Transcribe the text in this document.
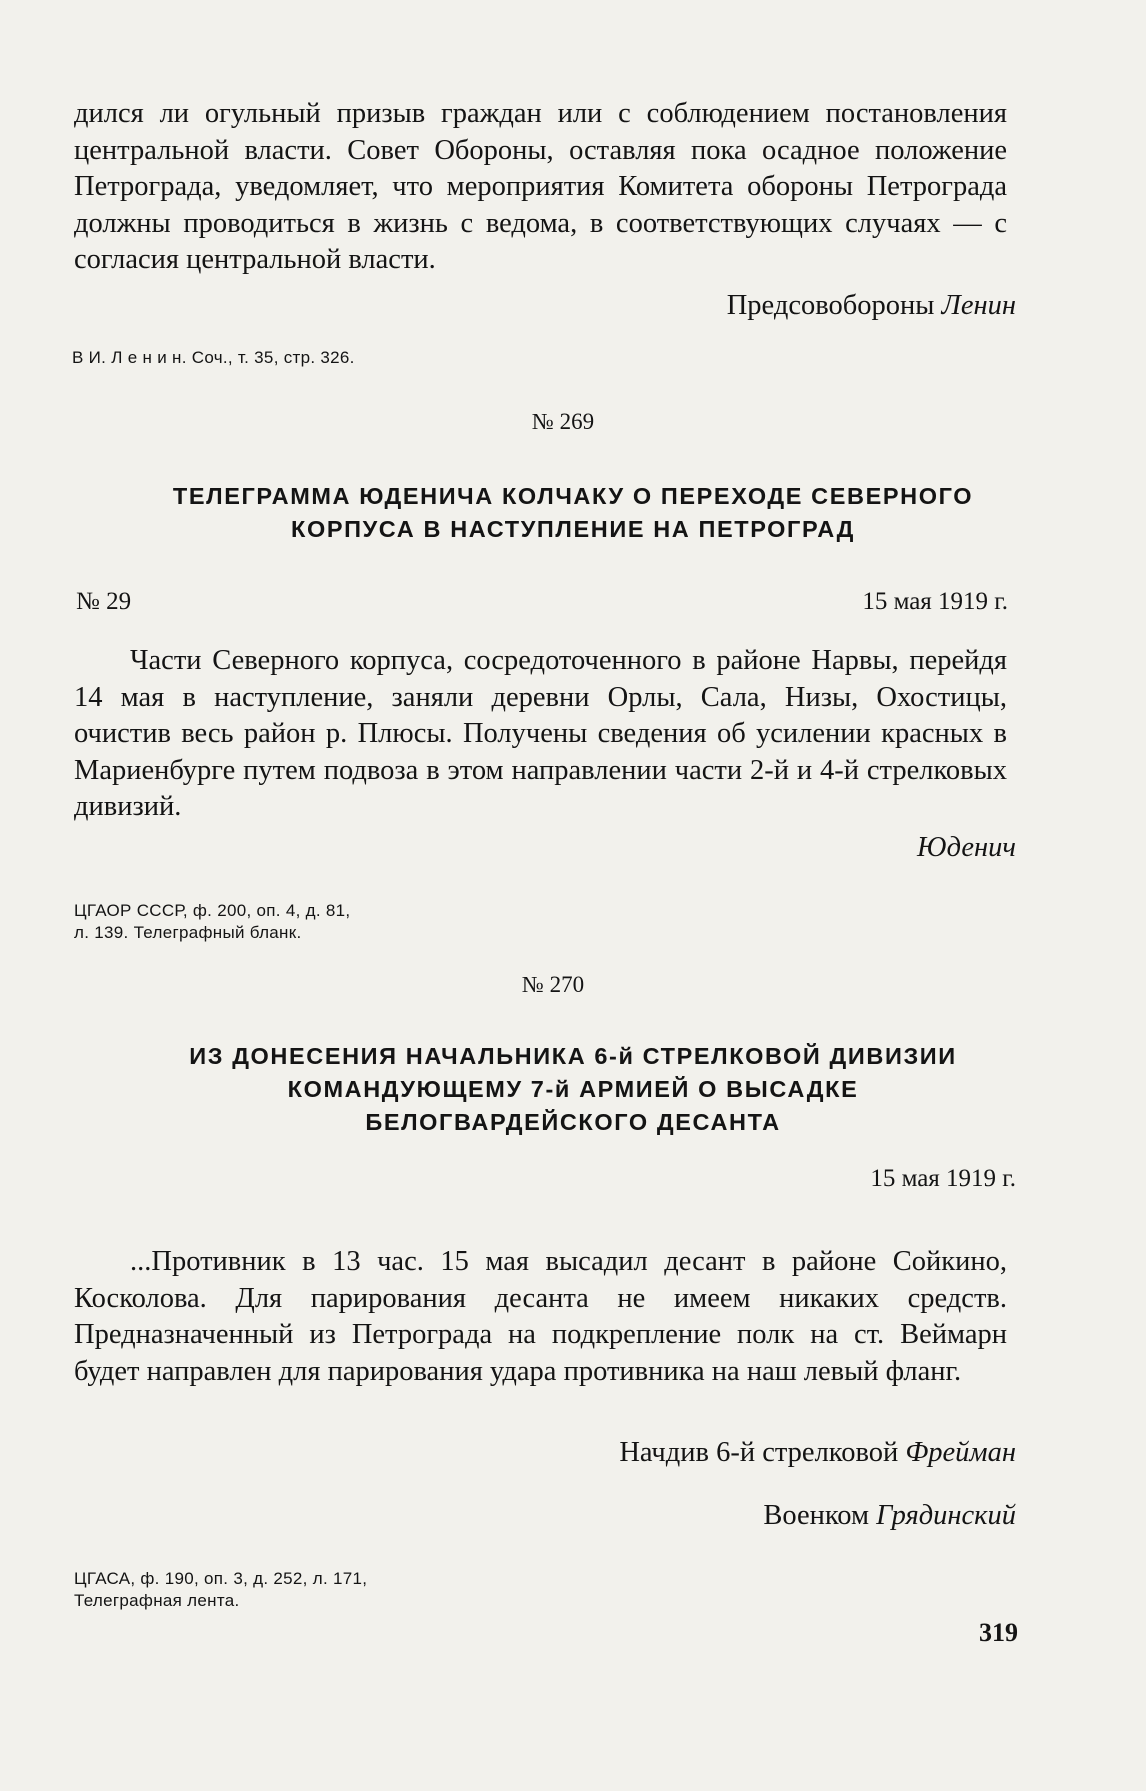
дился ли огульный призыв граждан или с соблюдением постановления центральной власти. Совет Обороны, оставляя пока осадное положение Петрограда, уведомляет, что мероприятия Комитета обороны Петрограда должны проводиться в жизнь с ведома, в соответствующих случаях — с согласия центральной власти.

Предсовобороны Ленин
В И. Л е н и н. Соч., т. 35, стр. 326.
№ 269
ТЕЛЕГРАММА ЮДЕНИЧА КОЛЧАКУ О ПЕРЕХОДЕ СЕВЕРНОГО
КОРПУСА В НАСТУПЛЕНИЕ НА ПЕТРОГРАД
№ 29	15 мая 1919 г.

Части Северного корпуса, сосредоточенного в районе Нарвы, перейдя 14 мая в наступление, заняли деревни Орлы, Сала, Низы, Охостицы, очистив весь район р. Плюсы. Получены сведения об усилении красных в Мариенбурге путем подвоза в этом направлении части 2-й и 4-й стрелковых дивизий.

Юденич
ЦГАОР СССР, ф. 200, оп. 4, д. 81,
л. 139. Телеграфный бланк.
№ 270
ИЗ ДОНЕСЕНИЯ НАЧАЛЬНИКА 6-й СТРЕЛКОВОЙ ДИВИЗИИ
КОМАНДУЮЩЕМУ 7-й АРМИЕЙ О ВЫСАДКЕ
БЕЛОГВАРДЕЙСКОГО ДЕСАНТА
15 мая 1919 г.

...Противник в 13 час. 15 мая высадил десант в районе Сойкино, Косколова. Для парирования десанта не имеем никаких средств. Предназначенный из Петрограда на подкрепление полк на ст. Веймарн будет направлен для парирования удара противника на наш левый фланг.

Начдив 6-й стрелковой Фрейман
Военком Грядинский
ЦГАСА, ф. 190, оп. 3, д. 252, л. 171,
Телеграфная лента.
319
